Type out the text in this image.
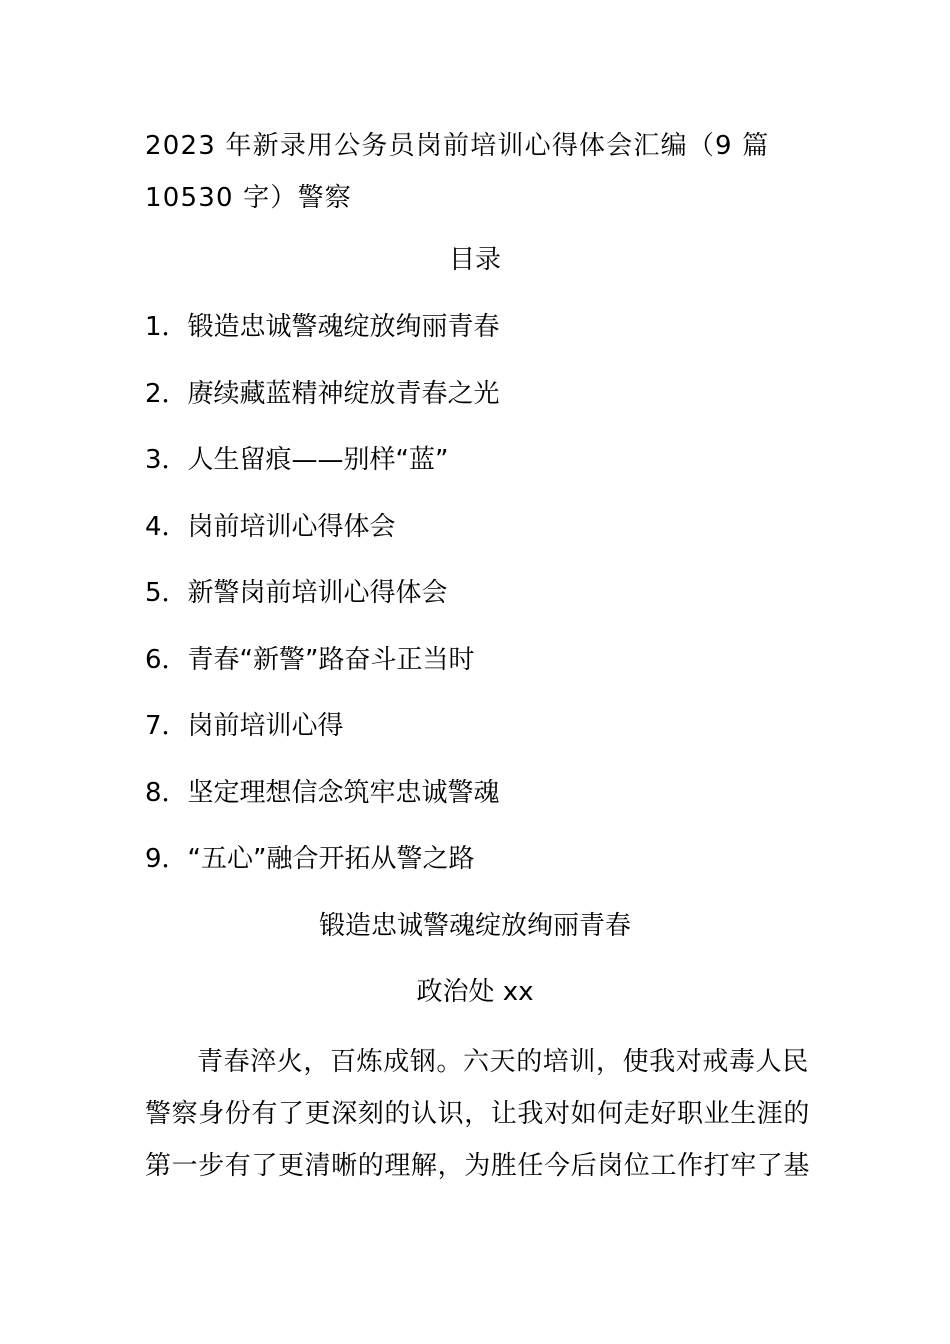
2023 年新录用公务员岗前培训心得体会汇编（9 篇 10530 字）警察
目录
1．锻造忠诚警魂绽放绚丽青春
2．赓续藏蓝精神绽放青春之光
3．人生留痕——别样“蓝”
4．岗前培训心得体会
5．新警岗前培训心得体会
6．青春“新警”路奋斗正当时
7．岗前培训心得
8．坚定理想信念筑牢忠诚警魂
9．“五心”融合开拓从警之路
锻造忠诚警魂绽放绚丽青春

政治处 xx

青春淬火，百炼成钢。六天的培训，使我对戒毒人民
警察身份有了更深刻的认识，让我对如何走好职业生涯的
第一步有了更清晰的理解，为胜任今后岗位工作打牢了基
